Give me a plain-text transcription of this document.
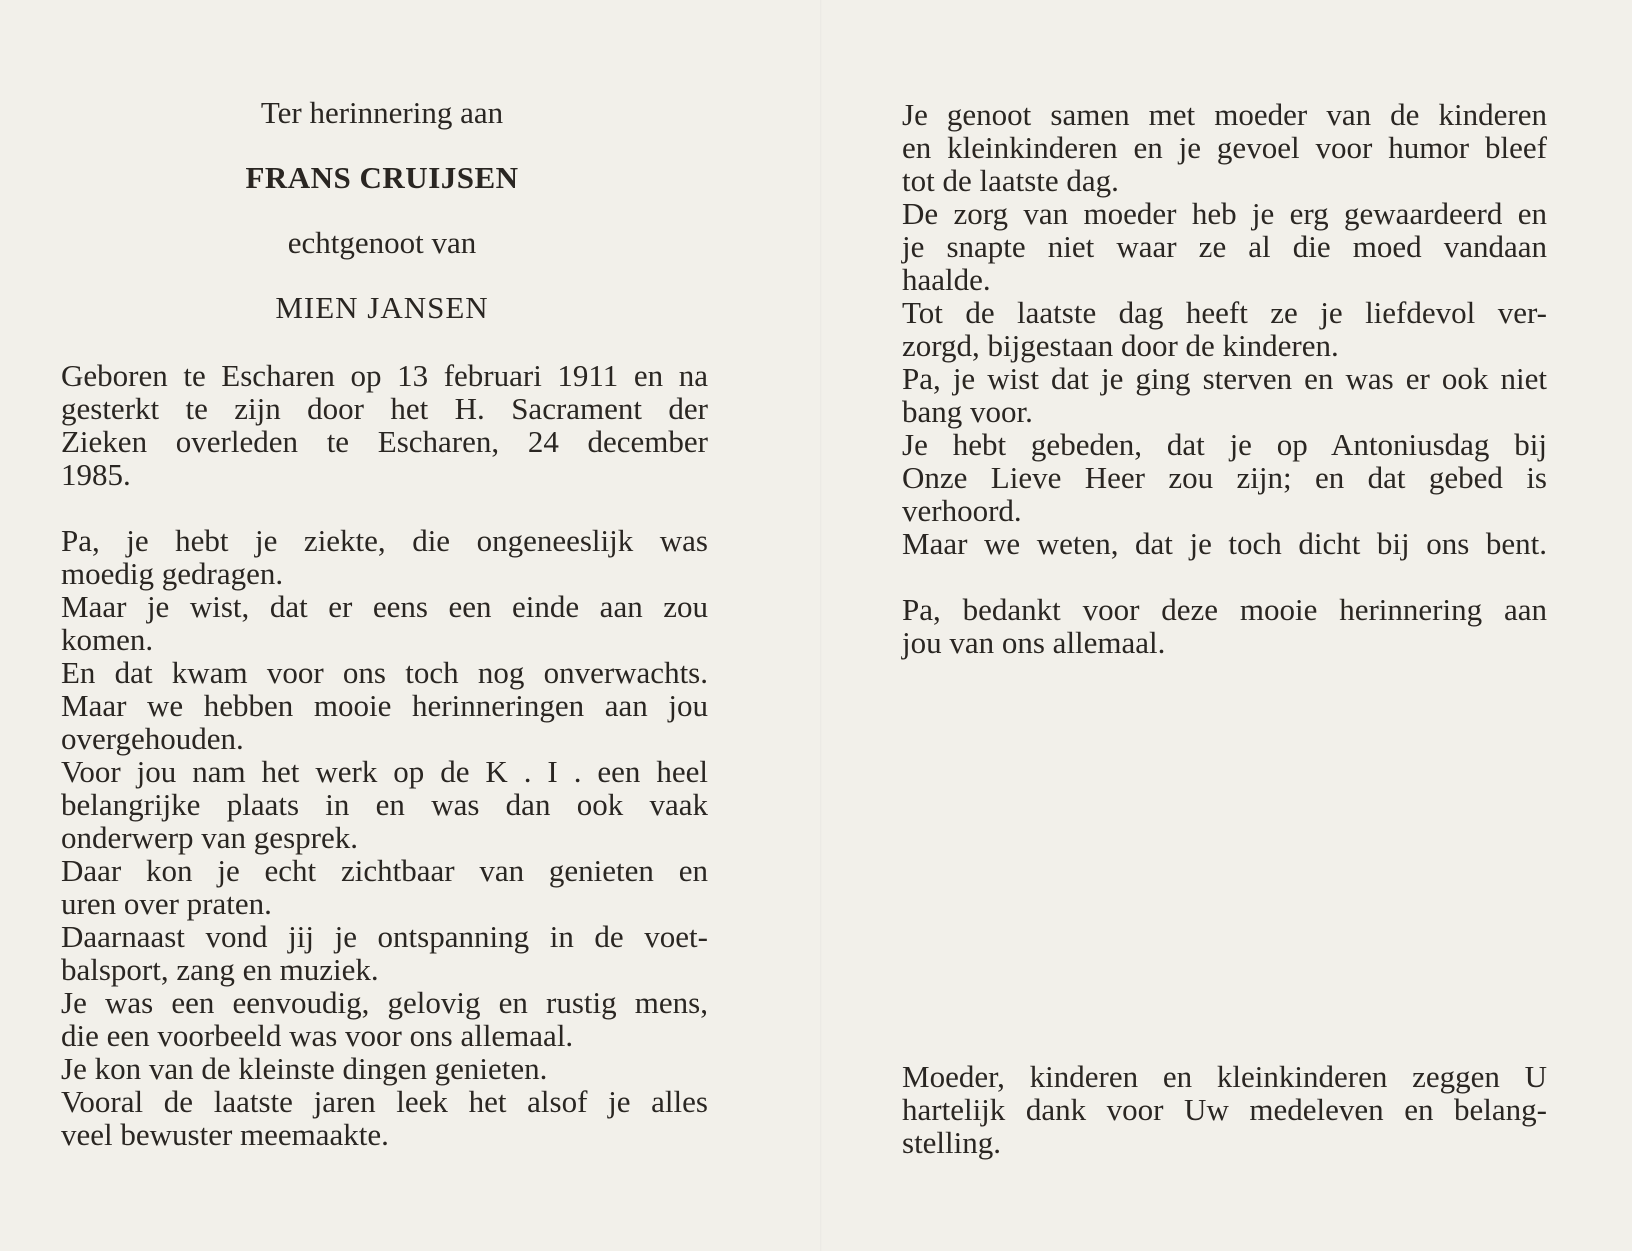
Ter herinnering aan

FRANS CRUIJSEN

echtgenoot van

MIEN JANSEN

Geboren te Escharen op 13 februari 1911 en na

gesterkt te zijn door het H. Sacrament der

Zieken overleden te Escharen, 24 december

1985.

Pa, je hebt je ziekte, die ongeneeslijk was

moedig gedragen.

Maar je wist, dat er eens een einde aan zou

komen.

En dat kwam voor ons toch nog onverwachts.

Maar we hebben mooie herinneringen aan jou

overgehouden.

Voor jou nam het werk op de K . I . een heel

belangrijke plaats in en was dan ook vaak

onderwerp van gesprek.

Daar kon je echt zichtbaar van genieten en

uren over praten.

Daarnaast vond jij je ontspanning in de voet-

balsport, zang en muziek.

Je was een eenvoudig, gelovig en rustig mens,

die een voorbeeld was voor ons allemaal.

Je kon van de kleinste dingen genieten.

Vooral de laatste jaren leek het alsof je alles

veel bewuster meemaakte.

Je genoot samen met moeder van de kinderen

en kleinkinderen en je gevoel voor humor bleef

tot de laatste dag.

De zorg van moeder heb je erg gewaardeerd en

je snapte niet waar ze al die moed vandaan

haalde.

Tot de laatste dag heeft ze je liefdevol ver-

zorgd, bijgestaan door de kinderen.

Pa, je wist dat je ging sterven en was er ook niet

bang voor.

Je hebt gebeden, dat je op Antoniusdag bij

Onze Lieve Heer zou zijn; en dat gebed is

verhoord.

Maar we weten, dat je toch dicht bij ons bent.

Pa, bedankt voor deze mooie herinnering aan

jou van ons allemaal.

Moeder, kinderen en kleinkinderen zeggen U

hartelijk dank voor Uw medeleven en belang-

stelling.
